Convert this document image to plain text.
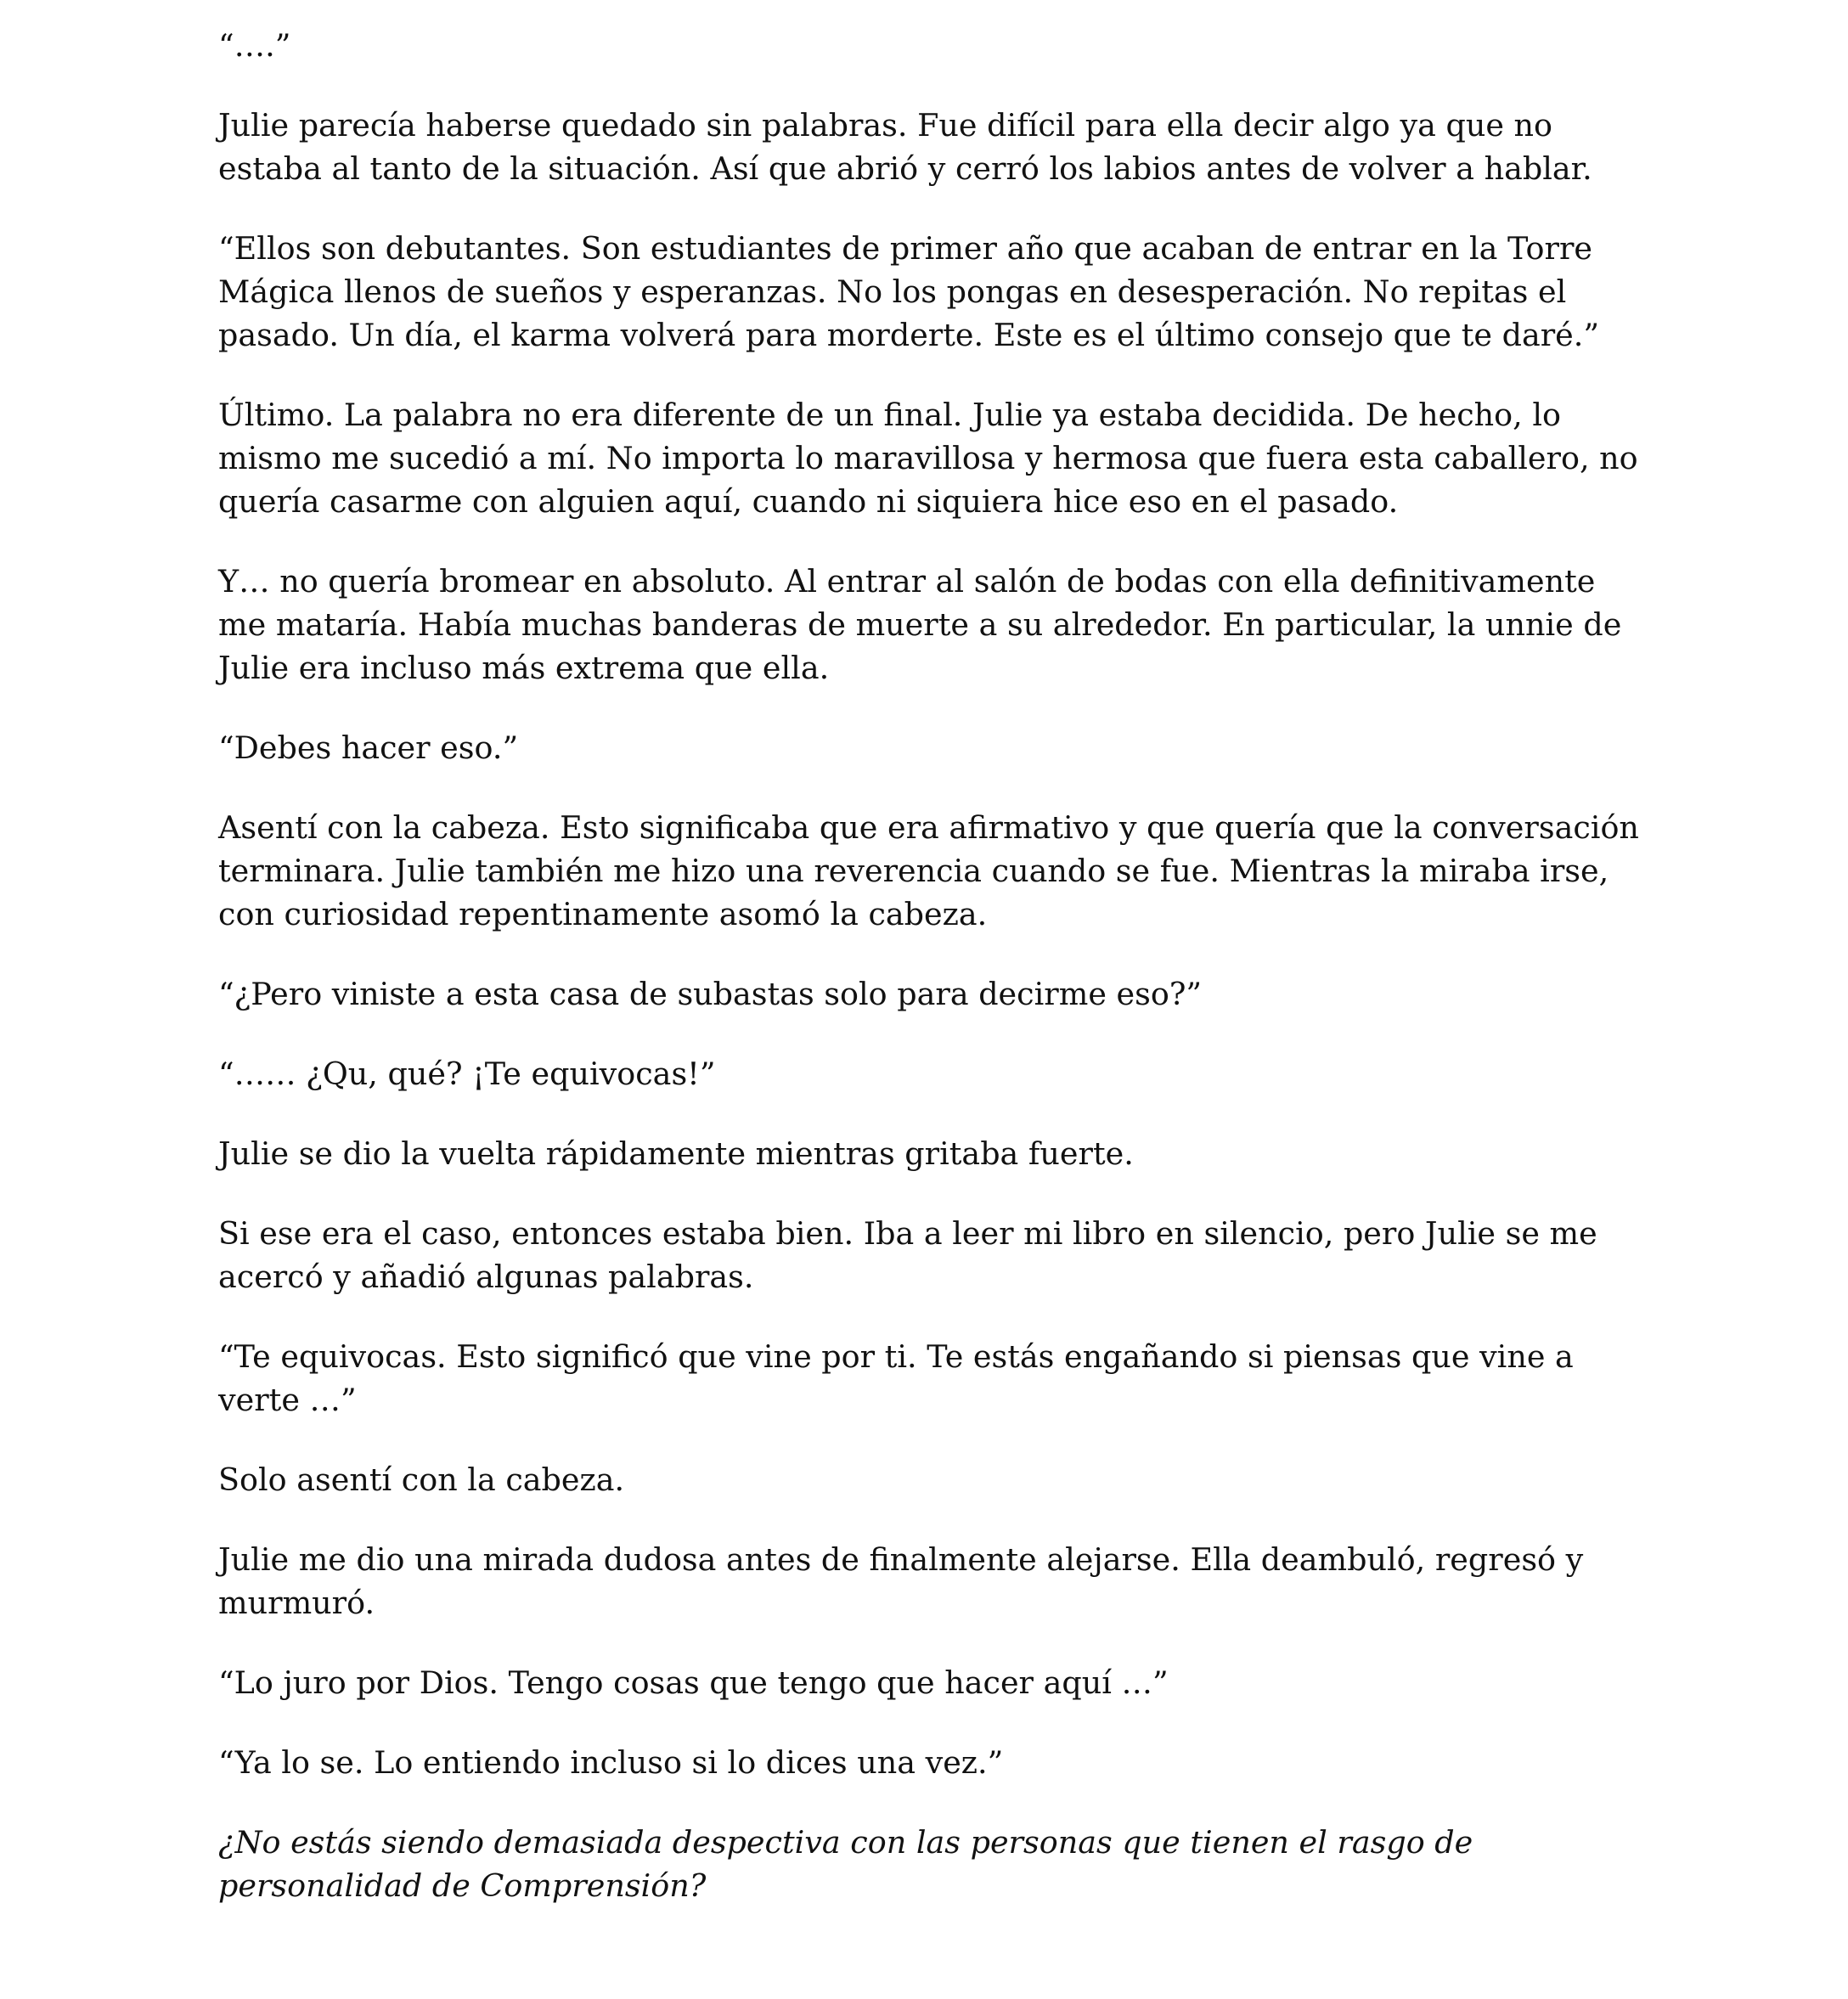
“….”

Julie parecía haberse quedado sin palabras. Fue difícil para ella decir algo ya que no estaba al tanto de la situación. Así que abrió y cerró los labios antes de volver a hablar.

“Ellos son debutantes. Son estudiantes de primer año que acaban de entrar en la Torre Mágica llenos de sueños y esperanzas. No los pongas en desesperación. No repitas el pasado. Un día, el karma volverá para morderte. Este es el último consejo que te daré.”

Último. La palabra no era diferente de un final. Julie ya estaba decidida. De hecho, lo mismo me sucedió a mí. No importa lo maravillosa y hermosa que fuera esta caballero, no quería casarme con alguien aquí, cuando ni siquiera hice eso en el pasado.

Y… no quería bromear en absoluto. Al entrar al salón de bodas con ella definitivamente me mataría. Había muchas banderas de muerte a su alrededor. En particular, la unnie de Julie era incluso más extrema que ella.

“Debes hacer eso.”

Asentí con la cabeza. Esto significaba que era afirmativo y que quería que la conversación terminara. Julie también me hizo una reverencia cuando se fue. Mientras la miraba irse, con curiosidad repentinamente asomó la cabeza.

“¿Pero viniste a esta casa de subastas solo para decirme eso?”

“…… ¿Qu, qué? ¡Te equivocas!”

Julie se dio la vuelta rápidamente mientras gritaba fuerte.

Si ese era el caso, entonces estaba bien. Iba a leer mi libro en silencio, pero Julie se me acercó y añadió algunas palabras.

“Te equivocas. Esto significó que vine por ti. Te estás engañando si piensas que vine a verte …”

Solo asentí con la cabeza.

Julie me dio una mirada dudosa antes de finalmente alejarse. Ella deambuló, regresó y murmuró.

“Lo juro por Dios. Tengo cosas que tengo que hacer aquí …”

“Ya lo se. Lo entiendo incluso si lo dices una vez.”

¿No estás siendo demasiada despectiva con las personas que tienen el rasgo de personalidad de Comprensión?
